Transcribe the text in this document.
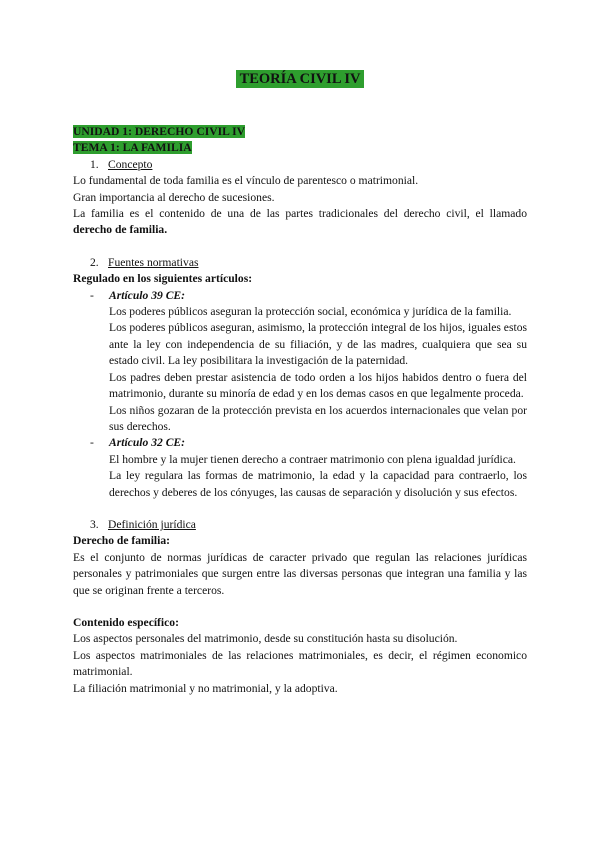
TEORÍA CIVIL IV
UNIDAD 1: DERECHO CIVIL IV
TEMA 1: LA FAMILIA
1. Concepto

Lo fundamental de toda familia es el vínculo de parentesco o matrimonial.

Gran importancia al derecho de sucesiones.

La familia es el contenido de una de las partes tradicionales del derecho civil, el llamado
derecho de familia.

2. Fuentes normativas

Regulado en los siguientes artículos:

- Artículo 39 CE:

Los poderes públicos aseguran la protección social, económica y jurídica de la familia.

Los poderes públicos aseguran, asimismo, la protección integral de los hijos, iguales estos ante la ley con independencia de su filiación, y de las madres, cualquiera que sea su estado civil. La ley posibilitara la investigación de la paternidad.

Los padres deben prestar asistencia de todo orden a los hijos habidos dentro o fuera del matrimonio, durante su minoría de edad y en los demas casos en que legalmente proceda.

Los niños gozaran de la protección prevista en los acuerdos internacionales que velan por sus derechos.

- Artículo 32 CE:

El hombre y la mujer tienen derecho a contraer matrimonio con plena igualdad jurídica.

La ley regulara las formas de matrimonio, la edad y la capacidad para contraerlo, los derechos y deberes de los cónyuges, las causas de separación y disolución y sus efectos.

3. Definición jurídica

Derecho de familia:

Es el conjunto de normas jurídicas de caracter privado que regulan las relaciones jurídicas personales y patrimoniales que surgen entre las diversas personas que integran una familia y las que se originan frente a terceros.

Contenido específico:

Los aspectos personales del matrimonio, desde su constitución hasta su disolución.

Los aspectos matrimoniales de las relaciones matrimoniales, es decir, el régimen economico matrimonial.

La filiación matrimonial y no matrimonial, y la adoptiva.
